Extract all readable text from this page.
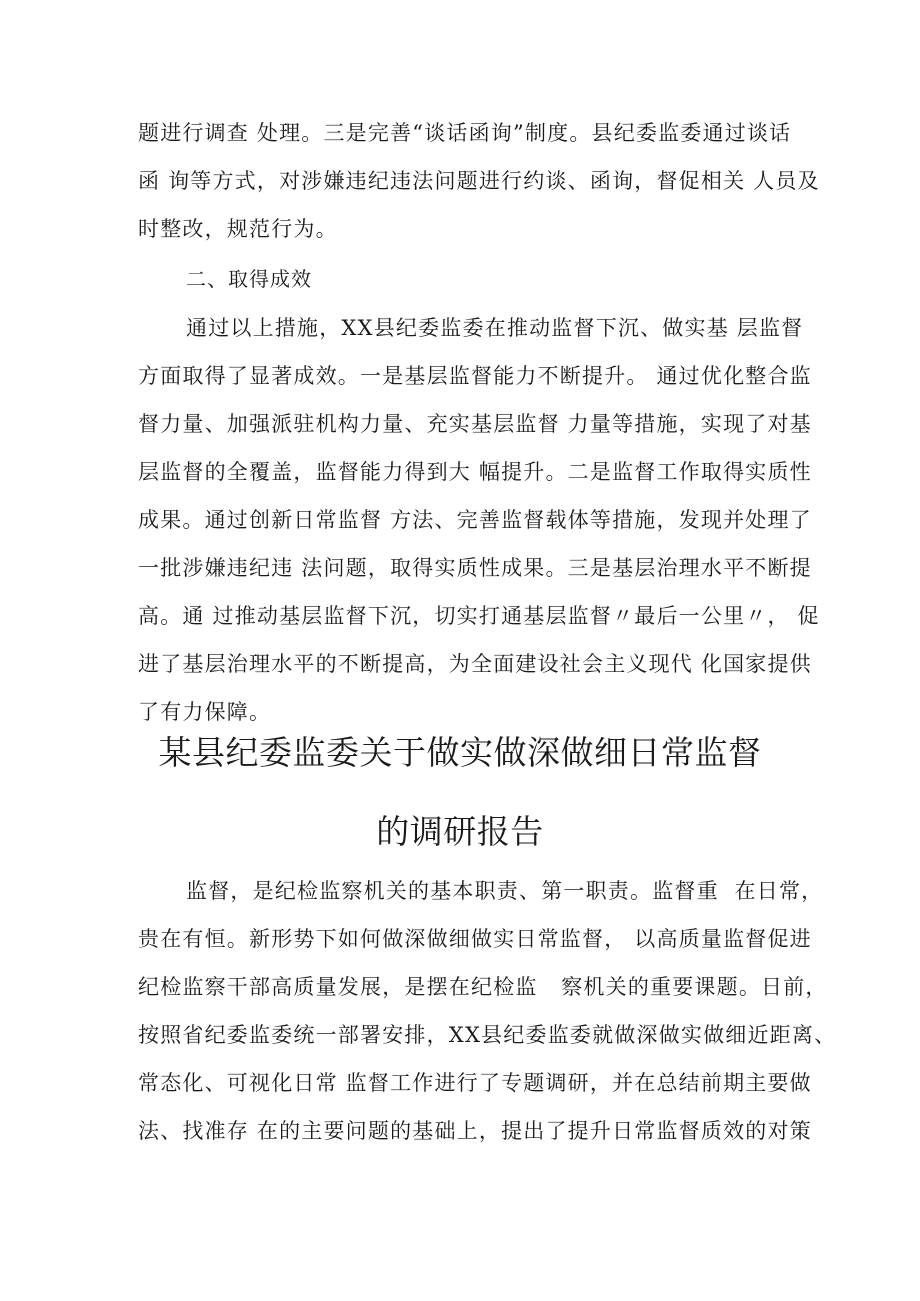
题进行调查 处理。三是完善“谈话函询”制度。县纪委监委通过谈话
函 询等方式，对涉嫌违纪违法问题进行约谈、函询，督促相关 人员及
时整改，规范行为。
二、取得成效
通过以上措施，XX县纪委监委在推动监督下沉、做实基 层监督
方面取得了显著成效。一是基层监督能力不断提升。 通过优化整合监
督力量、加强派驻机构力量、充实基层监督 力量等措施，实现了对基
层监督的全覆盖，监督能力得到大 幅提升。二是监督工作取得实质性
成果。通过创新日常监督 方法、完善监督载体等措施，发现并处理了
一批涉嫌违纪违 法问题，取得实质性成果。三是基层治理水平不断提
高。通 过推动基层监督下沉，切实打通基层监督〃最后一公里〃， 促
进了基层治理水平的不断提高，为全面建设社会主义现代 化国家提供
了有力保障。
某县纪委监委关于做实做深做细日常监督
的调研报告
监督，是纪检监察机关的基本职责、第一职责。监督重  在日常，
贵在有恒。新形势下如何做深做细做实日常监督， 以高质量监督促进
纪检监察干部高质量发展，是摆在纪检监   察机关的重要课题。日前，
按照省纪委监委统一部署安排，XX县纪委监委就做深做实做细近距离、
常态化、可视化日常 监督工作进行了专题调研，并在总结前期主要做
法、找准存 在的主要问题的基础上，提出了提升日常监督质效的对策
